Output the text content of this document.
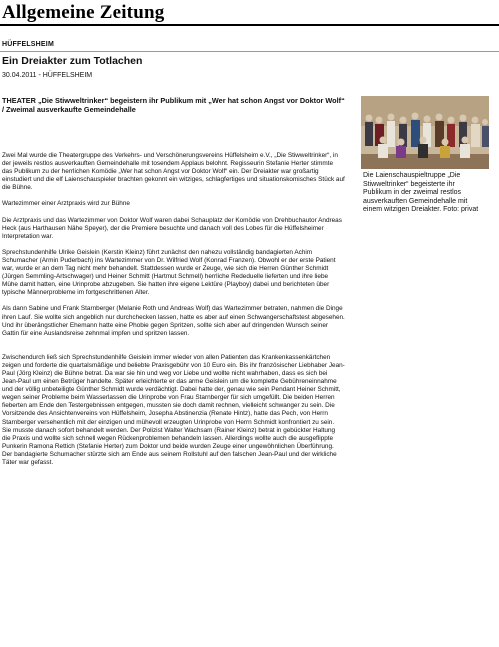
Allgemeine Zeitung
HÜFFELSHEIM
Ein Dreiakter zum Totlachen
30.04.2011 - HÜFFELSHEIM

THEATER „Die Stiwweltrinker“ begeistern ihr Publikum mit „Wer hat schon Angst vor Doktor Wolf“ / Zweimal ausverkaufte Gemeindehalle

Zwei Mal wurde die Theatergruppe des Verkehrs- und Verschönerungsvereins Hüffelsheim e.V., „Die Stiwweltrinker“, in der jeweils restlos ausverkauften Gemeindehalle mit tosendem Applaus belohnt. Regisseurin Stefanie Herter stimmte das Publikum zu der herrlichen Komödie „Wer hat schon Angst vor Doktor Wolf“ ein. Der Dreiakter war großartig einstudiert und die elf Laienschauspieler brachten gekonnt ein witziges, schlagfertiges und situationskomisches Stück auf die Bühne.

Wartezimmer einer Arztpraxis wird zur Bühne

Die Arztpraxis und das Wartezimmer von Doktor Wolf waren dabei Schauplatz der Komödie von Drehbuchautor Andreas Heck (aus Harthausen Nähe Speyer), der die Premiere besuchte und danach voll des Lobes für die Hüffelsheimer Interpretation war.

Sprechstundenhilfe Ulrike Geislein (Kerstin Kleinz) führt zunächst den nahezu vollständig bandagierten Achim Schumacher (Armin Puderbach) ins Wartezimmer von Dr. Wilfried Wolf (Konrad Franzen). Obwohl er der erste Patient war, wurde er an dem Tag nicht mehr behandelt. Stattdessen wurde er Zeuge, wie sich die Herren Günther Schmidt (Jürgen Semmling-Artschwager) und Heiner Schmitt (Hartmut Schmell) herrliche Rededuelle lieferten und ihre liebe Mühe damit hatten, eine Urinprobe abzugeben. Sie hatten ihre eigene Lektüre (Playboy) dabei und berichteten über typische Männerprobleme im fortgeschrittenen Alter.

Als dann Sabine und Frank Starnberger (Melanie Roth und Andreas Wolf) das Wartezimmer betraten, nahmen die Dinge ihren Lauf. Sie wollte sich angeblich nur durchchecken lassen, hatte es aber auf einen Schwangerschaftstest abgesehen. Und ihr überängstlicher Ehemann hatte eine Phobie gegen Spritzen, sollte sich aber auf dringenden Wunsch seiner Gattin für eine Auslandsreise zehnmal impfen und spritzen lassen.

Zwischendurch ließ sich Sprechstundenhilfe Geislein immer wieder von allen Patienten das Krankenkassenkärtchen zeigen und forderte die quartalsmäßige und beliebte Praxisgebühr von 10 Euro ein. Bis ihr französischer Liebhaber Jean-Paul (Jörg Kleinz) die Bühne betrat. Da war sie hin und weg vor Liebe und wollte nicht wahrhaben, dass es sich bei Jean-Paul um einen Betrüger handelte. Später erleichterte er das arme Geislein um die komplette Gebühreneinnahme und der völlig unbeteiligte Günther Schmidt wurde verdächtigt. Dabei hatte der, genau wie sein Pendant Heiner Schmitt, wegen seiner Probleme beim Wasserlassen die Urinprobe von Frau Starnberger für sich umgefüllt. Die beiden Herren fieberten am Ende den Testergebnissen entgegen, mussten sie doch damit rechnen, vielleicht schwanger zu sein. Die Vorsitzende des Ansichtenvereins von Hüffelsheim, Josepha Abstinenzia (Renate Hintz), hatte das Pech, von Herrn Starnberger versehentlich mit der einzigen und mühevoll erzeugten Urinprobe von Herrn Schmidt konfrontiert zu sein. Sie musste danach sofort behandelt werden. Der Polizist Walter Wachsam (Rainer Kleinz) betrat in gebückter Haltung die Praxis und wollte sich schnell wegen Rückenproblemen behandeln lassen. Allerdings wollte auch die ausgeflippte Punkerin Ramona Rettich (Stefanie Herter) zum Doktor und beide wurden Zeuge einer ungewöhnlichen Überführung. Der bandagierte Schumacher stürzte sich am Ende aus seinem Rollstuhl auf den falschen Jean-Paul und der wirkliche Täter war gefasst.

Die Laienschauspieltruppe „Die Stiwweltrinker“ begeisterte ihr Publikum in der zweimal restlos ausverkauften Gemeindehalle mit einem witzigen Dreiakter. Foto: privat
